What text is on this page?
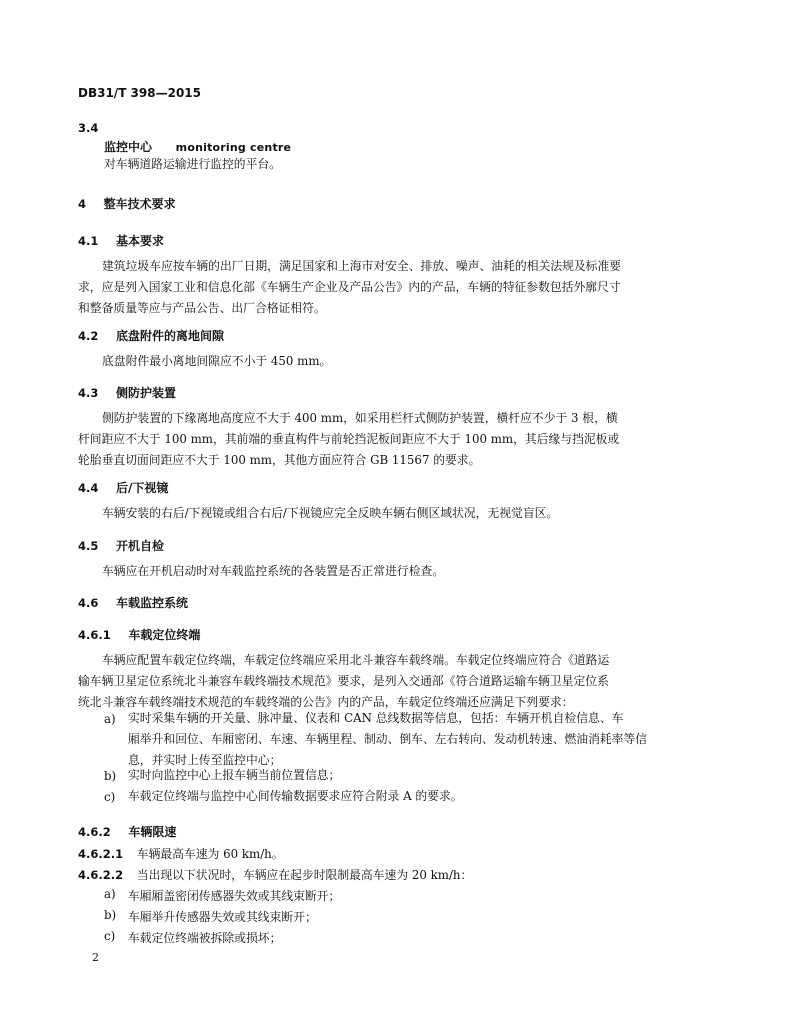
DB31/T 398—2015
3.4
监控中心 monitoring centre
对车辆道路运输进行监控的平台。
4 整车技术要求
4.1 基本要求
建筑垃圾车应按车辆的出厂日期，满足国家和上海市对安全、排放、噪声、油耗的相关法规及标准要
求，应是列入国家工业和信息化部《车辆生产企业及产品公告》内的产品，车辆的特征参数包括外廓尺寸
和整备质量等应与产品公告、出厂合格证相符。
4.2 底盘附件的离地间隙
底盘附件最小离地间隙应不小于 450 mm。
4.3 侧防护装置
侧防护装置的下缘离地高度应不大于 400 mm，如采用栏杆式侧防护装置，横杆应不少于 3 根，横
杆间距应不大于 100 mm，其前端的垂直构件与前轮挡泥板间距应不大于 100 mm，其后缘与挡泥板或
轮胎垂直切面间距应不大于 100 mm，其他方面应符合 GB 11567 的要求。
4.4 后/下视镜
车辆安装的右后/下视镜或组合右后/下视镜应完全反映车辆右侧区域状况，无视觉盲区。
4.5 开机自检
车辆应在开机启动时对车载监控系统的各装置是否正常进行检查。
4.6 车载监控系统
4.6.1 车载定位终端
车辆应配置车载定位终端，车载定位终端应采用北斗兼容车载终端。车载定位终端应符合《道路运
输车辆卫星定位系统北斗兼容车载终端技术规范》要求，是列入交通部《符合道路运输车辆卫星定位系
统北斗兼容车载终端技术规范的车载终端的公告》内的产品，车载定位终端还应满足下列要求：
a) 实时采集车辆的开关量、脉冲量、仪表和 CAN 总线数据等信息，包括：车辆开机自检信息、车
厢举升和回位、车厢密闭、车速、车辆里程、制动、倒车、左右转向、发动机转速、燃油消耗率等信
息，并实时上传至监控中心；
b) 实时向监控中心上报车辆当前位置信息；
c) 车载定位终端与监控中心间传输数据要求应符合附录 A 的要求。
4.6.2 车辆限速
4.6.2.1 车辆最高车速为 60 km/h。
4.6.2.2 当出现以下状况时，车辆应在起步时限制最高车速为 20 km/h：
a) 车厢厢盖密闭传感器失效或其线束断开；
b) 车厢举升传感器失效或其线束断开；
c) 车载定位终端被拆除或损坏；
2
